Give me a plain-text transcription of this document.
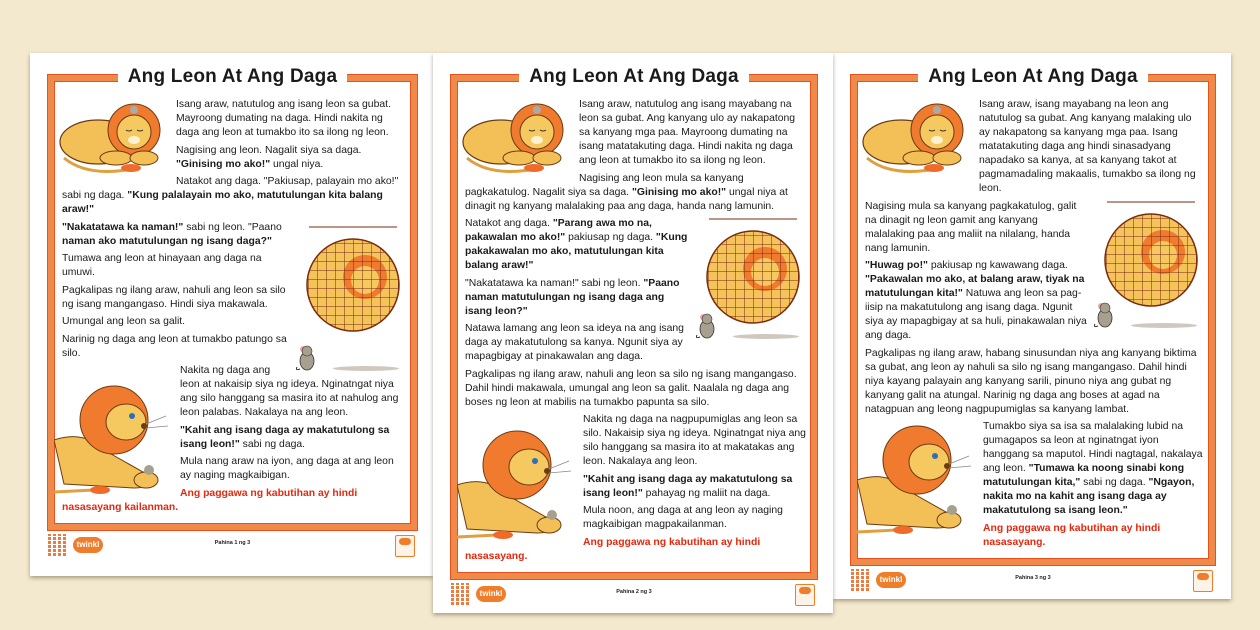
Ang Leon At Ang Daga

Isang araw, natutulog ang isang leon sa gubat. Mayroong dumating na daga. Hindi nakita ng daga ang leon at tumakbo ito sa ilong ng leon.

Nagising ang leon. Nagalit siya sa daga. "Ginising mo ako!" ungal niya.

Natakot ang daga. "Pakiusap, palayain mo ako!" sabi ng daga. "Kung palalayain mo ako, matutulungan kita balang araw!"

"Nakatatawa ka naman!" sabi ng leon. "Paano naman ako matutulungan ng isang daga?"

Tumawa ang leon at hinayaan ang daga na umuwi.

Pagkalipas ng ilang araw, nahuli ang leon sa silo ng isang mangangaso. Hindi siya makawala.

Umungal ang leon sa galit.

Narinig ng daga ang leon at tumakbo patungo sa silo.

Nakita ng daga ang leon at nakaisip siya ng ideya. Nginatngat niya ang silo hanggang sa masira ito at nahulog ang leon palabas. Nakalaya na ang leon.

"Kahit ang isang daga ay makatutulong sa isang leon!" sabi ng daga.

Mula nang araw na iyon, ang daga at ang leon ay naging magkaibigan.

Ang paggawa ng kabutihan ay hindi nasasayang kailanman.

twinkl	Pahina 1 ng 3
Ang Leon At Ang Daga

Isang araw, natutulog ang isang mayabang na leon sa gubat. Ang kanyang ulo ay nakapatong sa kanyang mga paa. Mayroong dumating na isang matatakuting daga. Hindi nakita ng daga ang leon at tumakbo ito sa ilong ng leon.

Nagising ang leon mula sa kanyang pagkakatulog. Nagalit siya sa daga. "Ginising mo ako!" ungal niya at dinagit ng kanyang malalaking paa ang daga, handa nang lamunin.

Natakot ang daga. "Parang awa mo na, pakawalan mo ako!" pakiusap ng daga. "Kung pakakawalan mo ako, matutulungan kita balang araw!"

"Nakatatawa ka naman!" sabi ng leon. "Paano naman matutulungan ng isang daga ang isang leon?"

Natawa lamang ang leon sa ideya na ang isang daga ay makatutulong sa kanya. Ngunit siya ay mapagbigay at pinakawalan ang daga.

Pagkalipas ng ilang araw, nahuli ang leon sa silo ng isang mangangaso. Dahil hindi makawala, umungal ang leon sa galit. Naalala ng daga ang boses ng leon at mabilis na tumakbo papunta sa silo.

Nakita ng daga na nagpupumiglas ang leon sa silo. Nakaisip siya ng ideya. Nginatngat niya ang silo hanggang sa masira ito at makatakas ang leon. Nakalaya ang leon.

"Kahit ang isang daga ay makatutulong sa isang leon!" pahayag ng maliit na daga.

Mula noon, ang daga at ang leon ay naging magkaibigan magpakailanman.

Ang paggawa ng kabutihan ay hindi nasasayang.

twinkl	Pahina 2 ng 3
Ang Leon At Ang Daga

Isang araw, isang mayabang na leon ang natutulog sa gubat. Ang kanyang malaking ulo ay nakapatong sa kanyang mga paa. Isang matatakuting daga ang hindi sinasadyang napadako sa kanya, at sa kanyang takot at pagmamadaling makaalis, tumakbo sa ilong ng leon.

Nagising mula sa kanyang pagkakatulog, galit na dinagit ng leon gamit ang kanyang malalaking paa ang maliit na nilalang, handa nang lamunin.

"Huwag po!" pakiusap ng kawawang daga. "Pakawalan mo ako, at balang araw, tiyak na matutulungan kita!" Natuwa ang leon sa pag-iisip na makatutulong ang isang daga. Ngunit siya ay mapagbigay at sa huli, pinakawalan niya ang daga.

Pagkalipas ng ilang araw, habang sinusundan niya ang kanyang biktima sa gubat, ang leon ay nahuli sa silo ng isang mangangaso. Dahil hindi niya kayang palayain ang kanyang sarili, pinuno niya ang gubat ng kanyang galit na atungal. Narinig ng daga ang boses at agad na natagpuan ang leong nagpupumiglas sa kanyang lambat.

Tumakbo siya sa isa sa malalaking lubid na gumagapos sa leon at nginatngat iyon hanggang sa maputol. Hindi nagtagal, nakalaya ang leon. "Tumawa ka noong sinabi kong matutulungan kita," sabi ng daga. "Ngayon, nakita mo na kahit ang isang daga ay makatutulong sa isang leon."

Ang paggawa ng kabutihan ay hindi nasasayang.

twinkl	Pahina 3 ng 3
